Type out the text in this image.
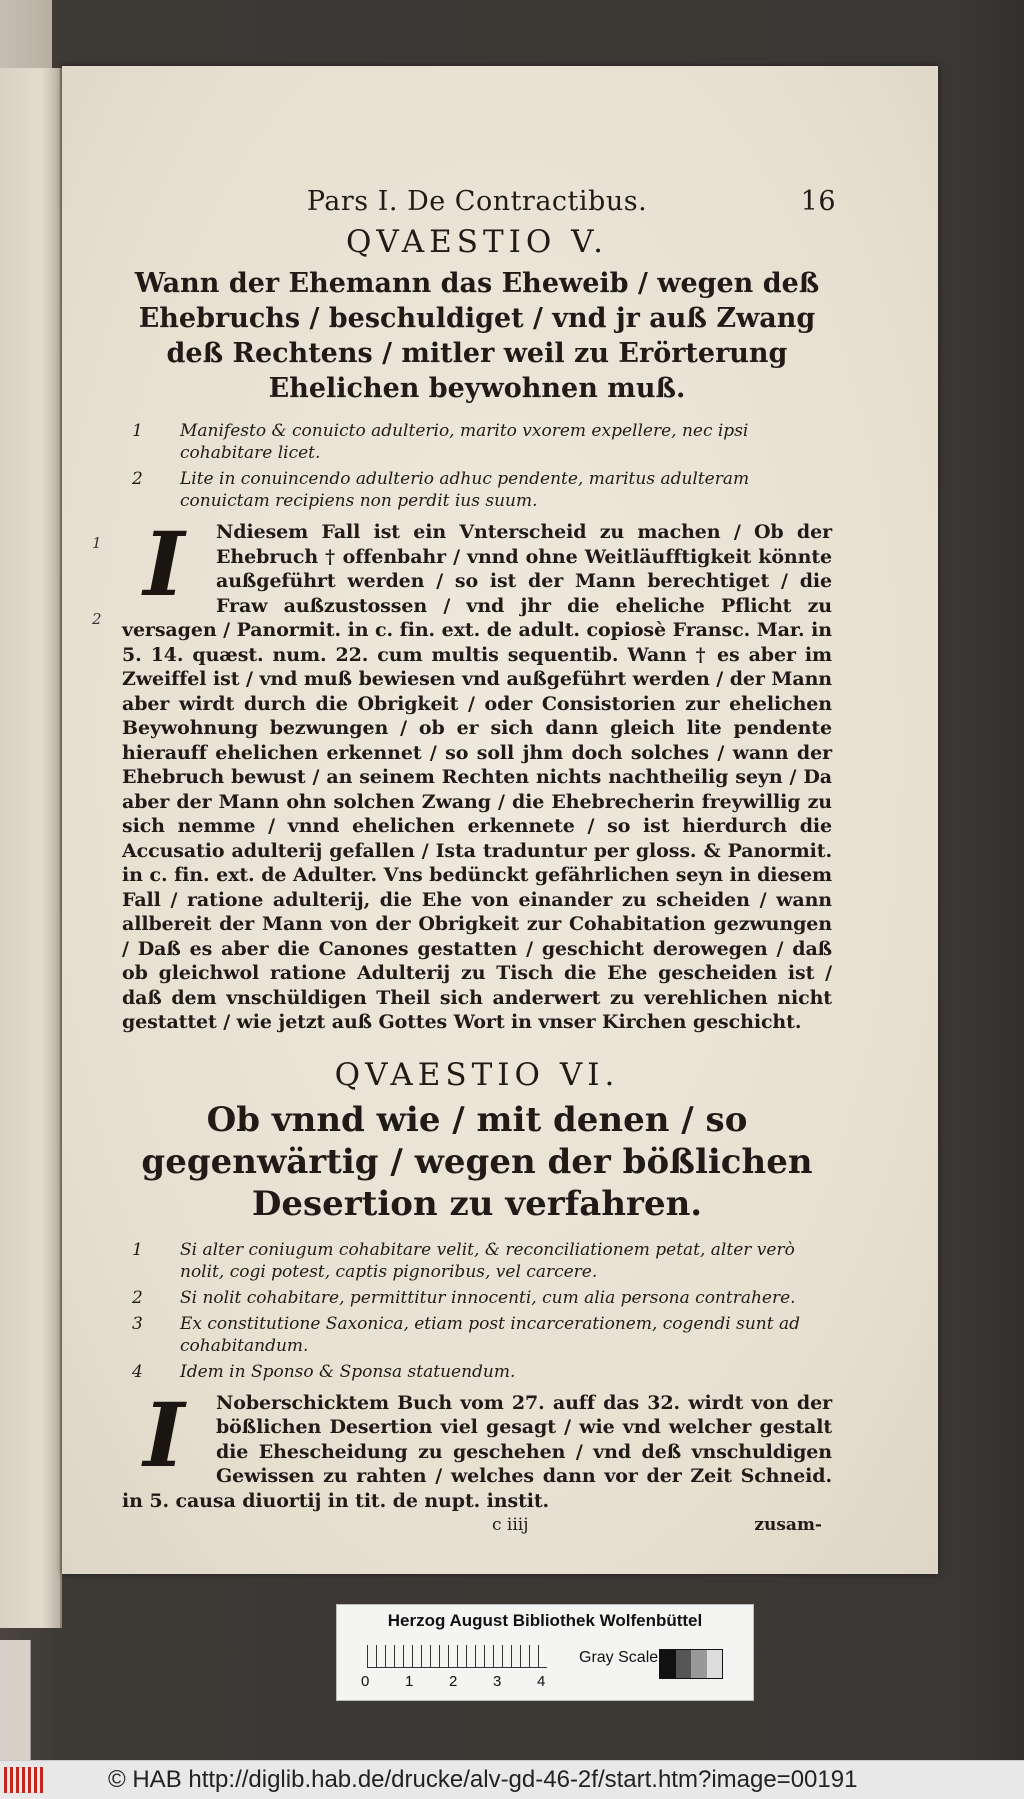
Pars I. De Contractibus.	16
QVAESTIO V.
Wann der Ehemann das Eheweib / wegen deß Ehebruchs / beschuldiget / vnd jr auß Zwang deß Rechtens / mitler weil zu Erörterung Ehelichen beywohnen muß.
1 Manifesto & conuicto adulterio, marito vxorem expellere, nec ipsi cohabitare licet.
2 Lite in conuincendo adulterio adhuc pendente, maritus adulteram conuictam recipiens non perdit ius suum.
1
2
I	N diesem Fall ist ein Vnterscheid zu machen / Ob der Ehebruch † offenbahr / vnnd ohne Weitläufftigkeit könnte außgeführt werden / so ist der Mann berechtiget / die Fraw außzustossen / vnd jhr die eheliche Pflicht zu versagen / Panormit. in c. fin. ext. de adult. copiosè Fransc. Mar. in 5. 14. quæst. num. 22. cum multis sequentib. Wann † es aber im Zweiffel ist / vnd muß bewiesen vnd außgeführt werden / der Mann aber wirdt durch die Obrigkeit / oder Consistorien zur ehelichen Beywohnung bezwungen / ob er sich dann gleich lite pendente hierauff ehelichen erkennet / so soll jhm doch solches / wann der Ehebruch bewust / an seinem Rechten nichts nachtheilig seyn / Da aber der Mann ohn solchen Zwang / die Ehebrecherin freywillig zu sich nemme / vnnd ehelichen erkennete / so ist hierdurch die Accusatio adulterij gefallen / Ista traduntur per gloss. & Panormit. in c. fin. ext. de Adulter. Vns bedünckt gefährlichen seyn in diesem Fall / ratione adulterij, die Ehe von einander zu scheiden / wann allbereit der Mann von der Obrigkeit zur Cohabitation gezwungen / Daß es aber die Canones gestatten / geschicht derowegen / daß ob gleichwol ratione Adulterij zu Tisch die Ehe gescheiden ist / daß dem vnschüldigen Theil sich anderwert zu verehlichen nicht gestattet / wie jetzt auß Gottes Wort in vnser Kirchen geschicht.
QVAESTIO VI.
Ob vnnd wie / mit denen / so gegenwärtig / wegen der bößlichen Desertion zu verfahren.
1 Si alter coniugum cohabitare velit, & reconciliationem petat, alter verò nolit, cogi potest, captis pignoribus, vel carcere.
2 Si nolit cohabitare, permittitur innocenti, cum alia persona contrahere.
3 Ex constitutione Saxonica, etiam post incarcerationem, cogendi sunt ad cohabitandum.
4 Idem in Sponso & Sponsa statuendum.
I	N oberschicktem Buch vom 27. auff das 32. wirdt von der bößlichen Desertion viel gesagt / wie vnd welcher gestalt die Ehescheidung zu geschehen / vnd deß vnschuldigen Gewissen zu rahten / welches dann vor der Zeit Schneid. in 5. causa diuortij in tit. de nupt. instit.
c iiij	zusam-
Herzog August Bibliothek Wolfenbüttel
0 1 2 3 4
Gray Scale
© HAB http://diglib.hab.de/drucke/alv-gd-46-2f/start.htm?image=00191
